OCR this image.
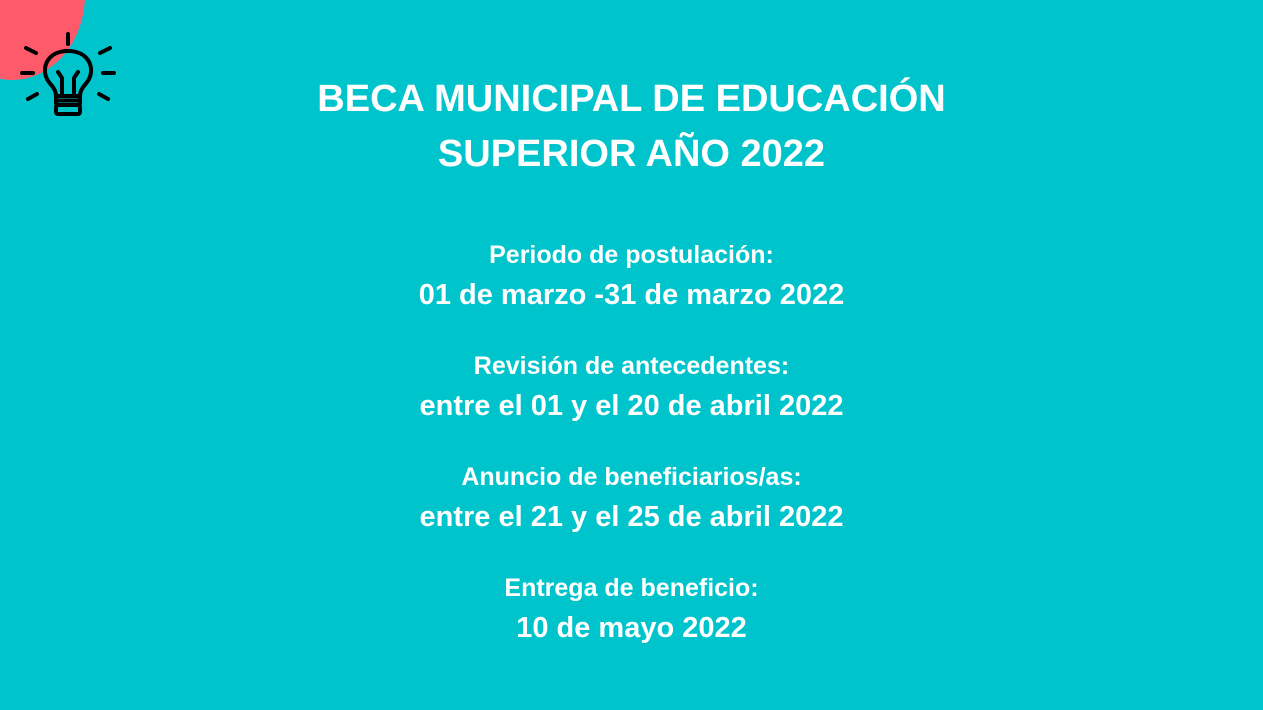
BECA MUNICIPAL DE EDUCACIÓN
SUPERIOR AÑO 2022
Periodo de postulación:
01 de marzo -31 de marzo 2022
Revisión de antecedentes:
entre el 01 y el 20 de abril 2022
Anuncio de beneficiarios/as:
entre el 21 y el 25 de abril 2022
Entrega de beneficio:
10 de mayo 2022
